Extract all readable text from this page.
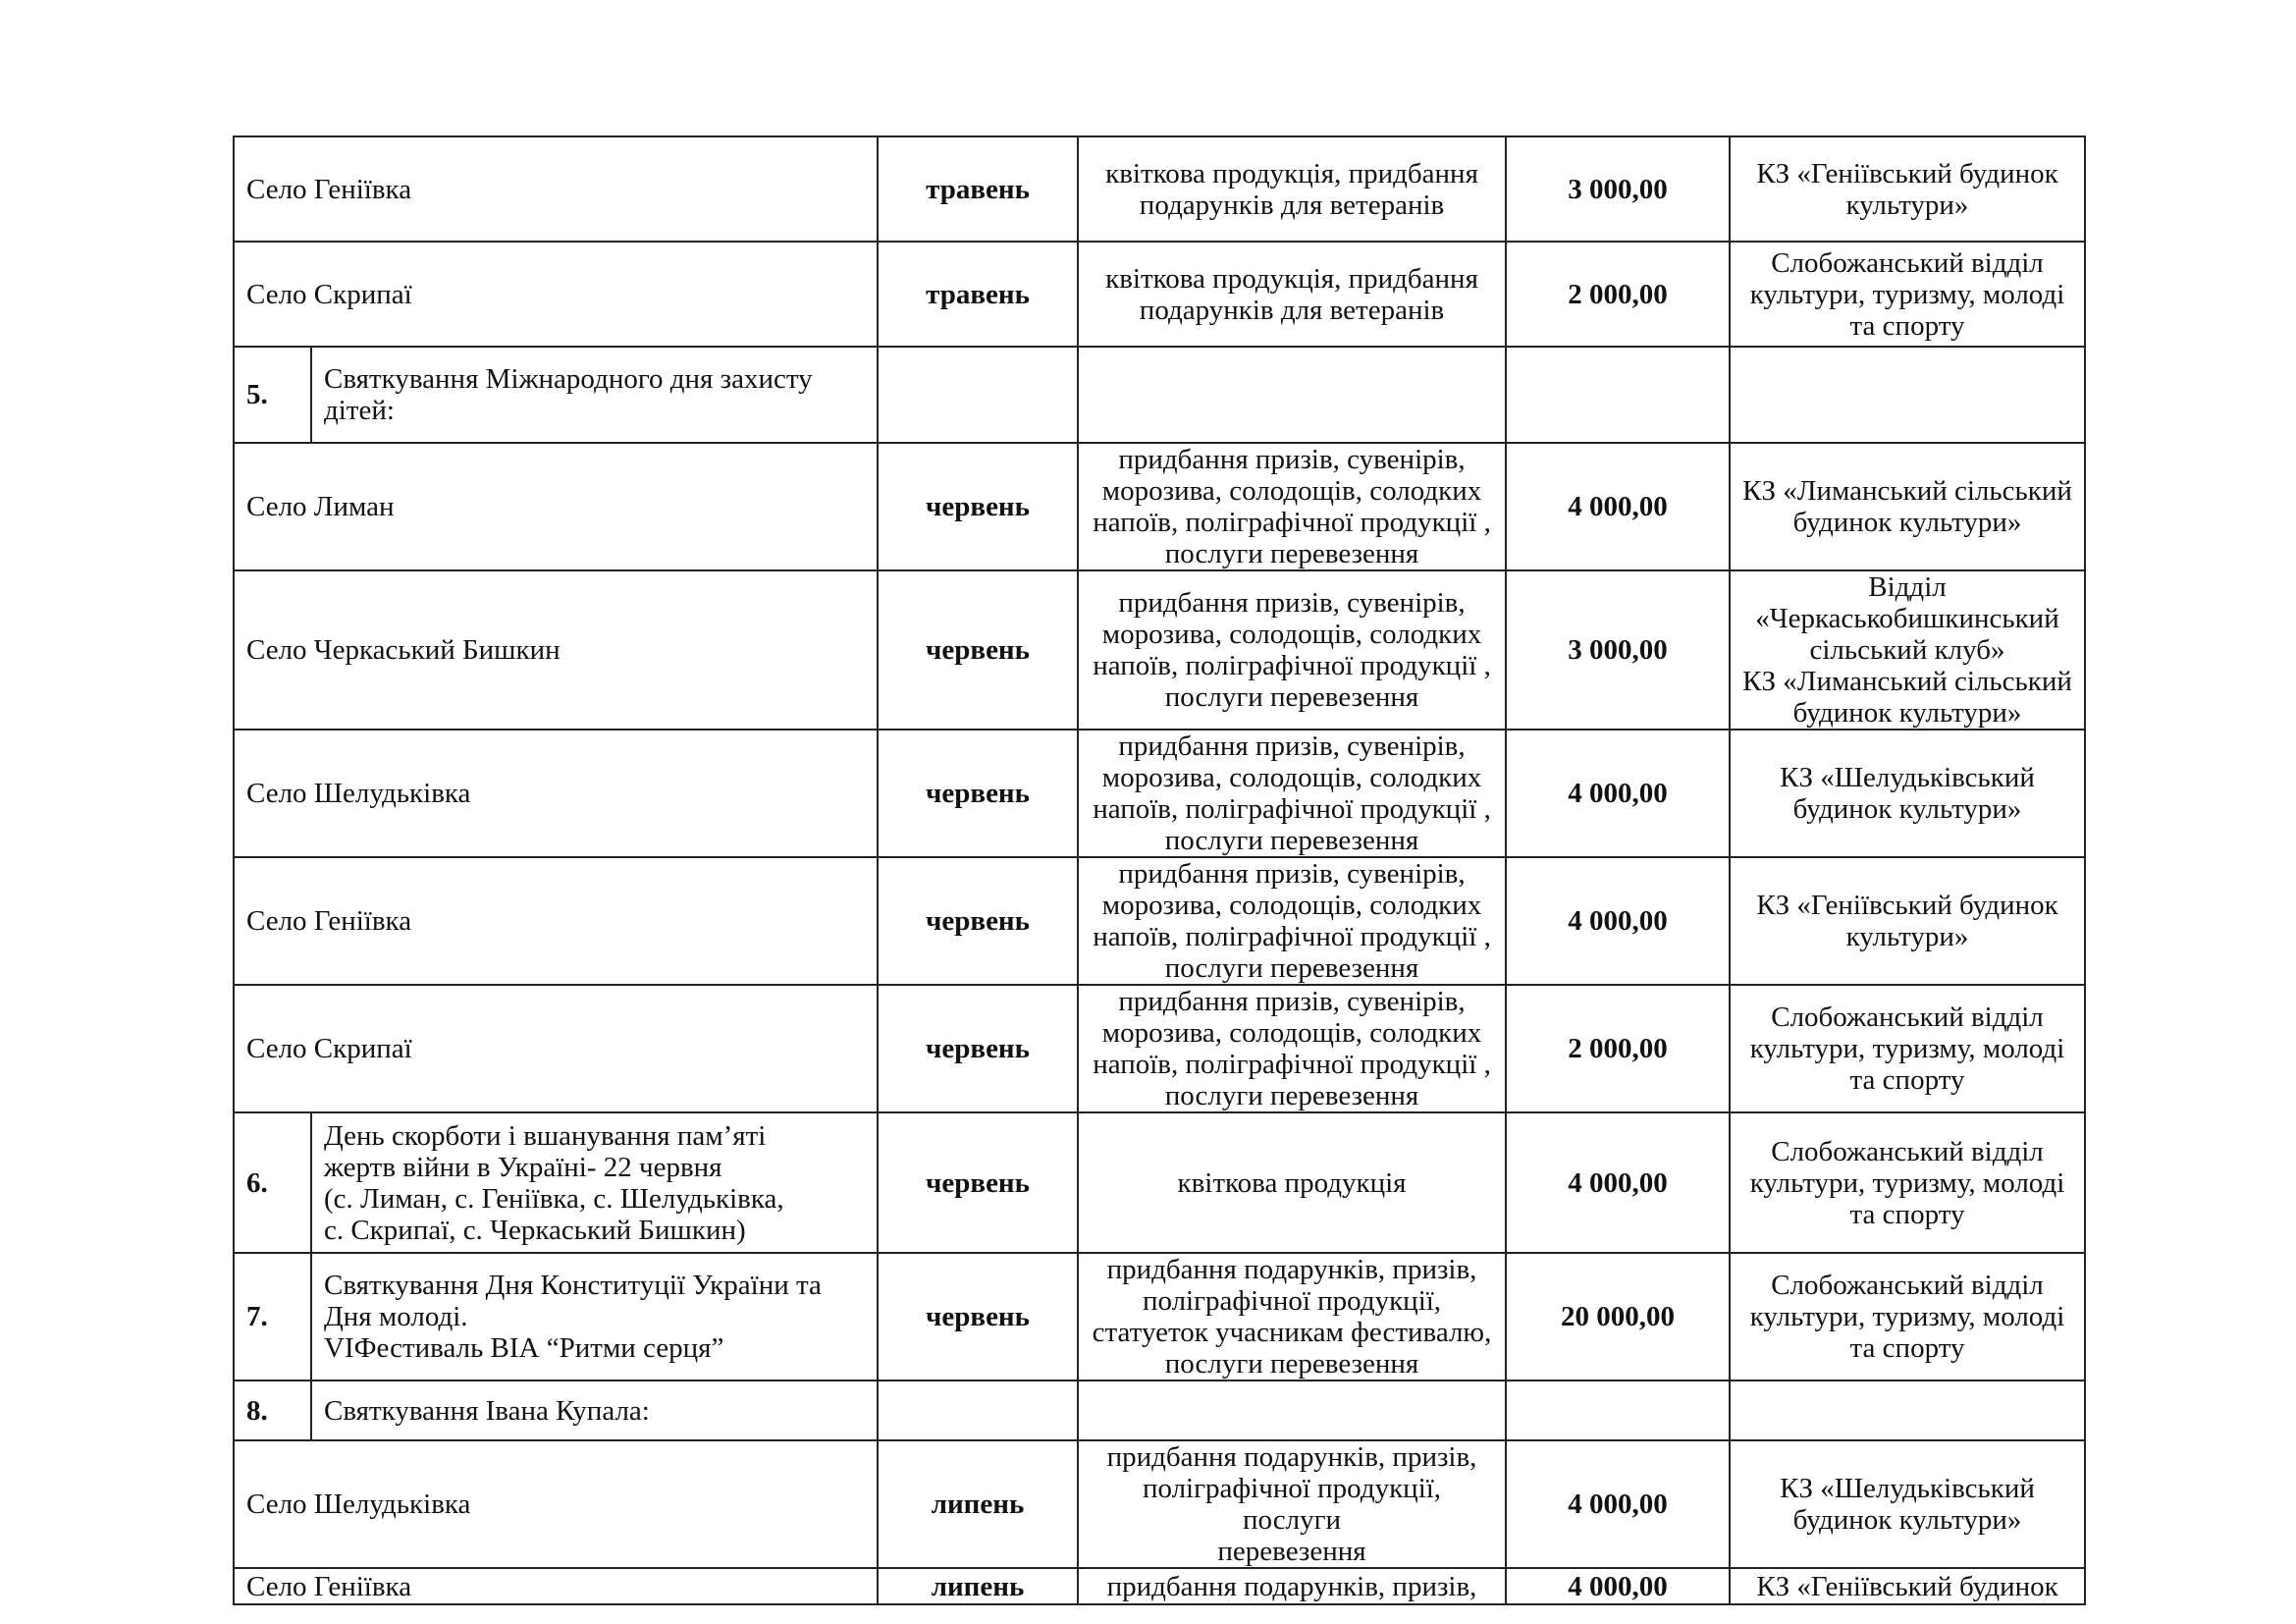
Село Геніївка		травень	квіткова продукція, придбання
подарунків для ветеранів	3 000,00	КЗ «Геніївський будинок
культури»

Село Скрипаї		травень	квіткова продукція, придбання
подарунків для ветеранів	2 000,00	Слобожанський відділ
культури, туризму, молоді
та спорту

5.	Святкування Міжнародного дня захисту
дітей:				

Село Лиман		червень	придбання призів, сувенірів,
морозива, солодощів, солодких
напоїв, поліграфічної продукції ,
послуги перевезення	4 000,00	КЗ «Лиманський сільський
будинок культури»

Село Черкаський Бишкин		червень	придбання призів, сувенірів,
морозива, солодощів, солодких
напоїв, поліграфічної продукції ,
послуги перевезення	3 000,00	Відділ
«Черкаськобишкинський
сільський клуб»
КЗ «Лиманський сільський
будинок культури»

Село Шелудьківка		червень	придбання призів, сувенірів,
морозива, солодощів, солодких
напоїв, поліграфічної продукції ,
послуги перевезення	4 000,00	КЗ «Шелудьківський
будинок культури»

Село Геніївка		червень	придбання призів, сувенірів,
морозива, солодощів, солодких
напоїв, поліграфічної продукції ,
послуги перевезення	4 000,00	КЗ «Геніївський будинок
культури»

Село Скрипаї		червень	придбання призів, сувенірів,
морозива, солодощів, солодких
напоїв, поліграфічної продукції ,
послуги перевезення	2 000,00	Слобожанський відділ
культури, туризму, молоді
та спорту

6.	День скорботи і вшанування пам’яті
жертв війни в Україні- 22 червня
(с. Лиман, с. Геніївка, с. Шелудьківка,
с. Скрипаї, с. Черкаський Бишкин)	червень	квіткова продукція	4 000,00	Слобожанський відділ
культури, туризму, молоді
та спорту

7.	Святкування Дня Конституції України та
Дня молоді.
VIФестиваль ВІА “Ритми серця”	червень	придбання подарунків, призів,
поліграфічної продукції,
статуеток учасникам фестивалю,
послуги перевезення	20 000,00	Слобожанський відділ
культури, туризму, молоді
та спорту

8.	Святкування Івана Купала:				

Село Шелудьківка		липень	придбання подарунків, призів,
поліграфічної продукції, послуги
перевезення	4 000,00	КЗ «Шелудьківський
будинок культури»

Село Геніївка		липень	придбання подарунків, призів,	4 000,00	КЗ «Геніївський будинок
